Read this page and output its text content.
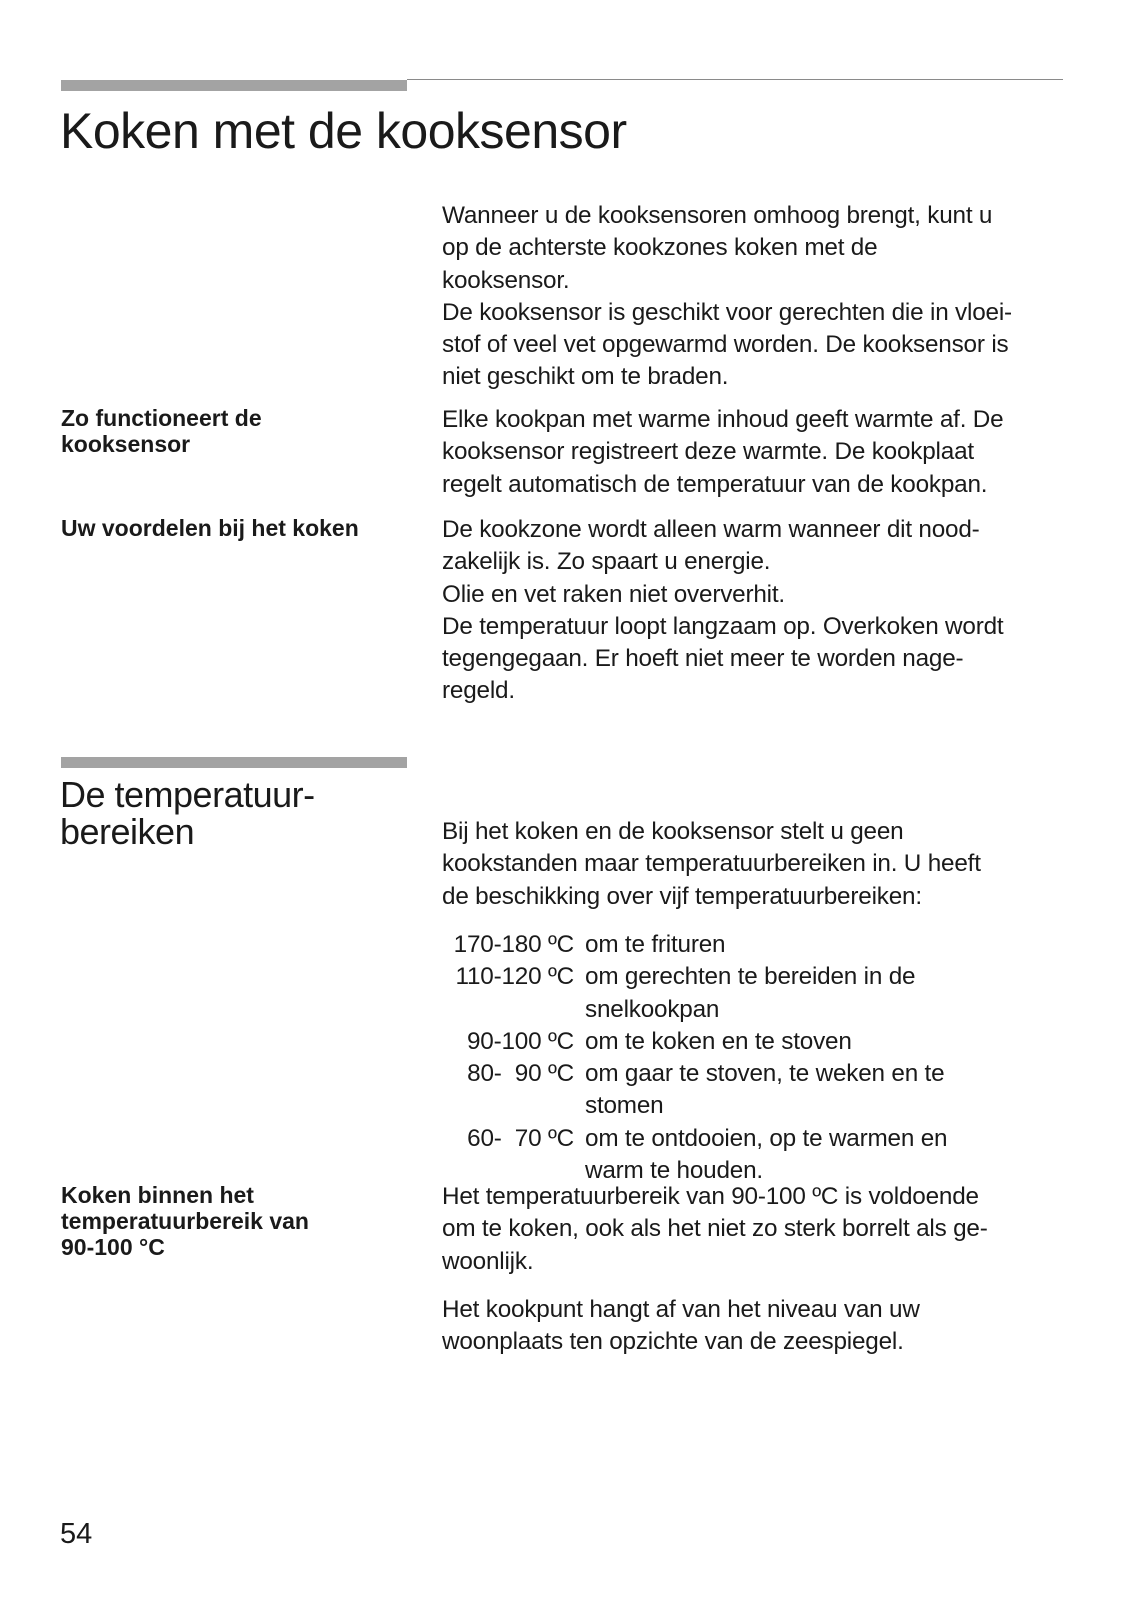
Koken met de kooksensor
Wanneer u de kooksensoren omhoog brengt, kunt u
op de achterste kookzones koken met de
kooksensor.
De kooksensor is geschikt voor gerechten die in vloei-
stof of veel vet opgewarmd worden. De kooksensor is
niet geschikt om te braden.
Zo functioneert de
kooksensor
Elke kookpan met warme inhoud geeft warmte af. De
kooksensor registreert deze warmte. De kookplaat
regelt automatisch de temperatuur van de kookpan.
Uw voordelen bij het koken	De kookzone wordt alleen warm wanneer dit nood-
zakelijk is. Zo spaart u energie.
Olie en vet raken niet oververhit.
De temperatuur loopt langzaam op. Overkoken wordt
tegengegaan. Er hoeft niet meer te worden nage-
regeld.
De temperatuur-
bereiken	Bij het koken en de kooksensor stelt u geen
kookstanden maar temperatuurbereiken in. U heeft
de beschikking over vijf temperatuurbereiken:
170-180 ºC	om te frituren

110-120 ºC	om gerechten te bereiden in de
snelkookpan

90-100 ºC	om te koken en te stoven

80-  90 ºC	om gaar te stoven, te weken en te
stomen

60-  70 ºC	om te ontdooien, op te warmen en
warm te houden.
Koken binnen het
temperatuurbereik van
90-100 °C
Het temperatuurbereik van 90-100 ºC is voldoende
om te koken, ook als het niet zo sterk borrelt als ge-
woonlijk.
Het kookpunt hangt af van het niveau van uw
woonplaats ten opzichte van de zeespiegel.
54
